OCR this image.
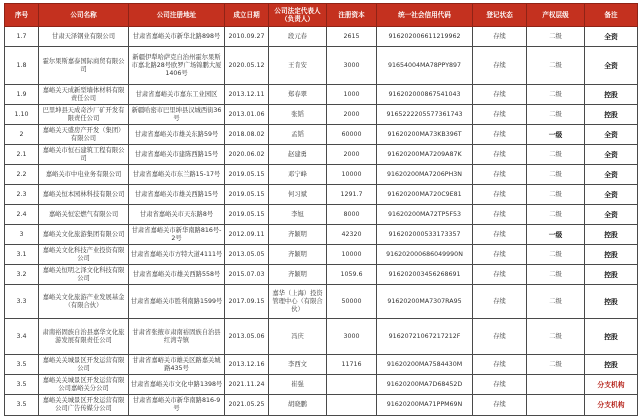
序号	公司名称	公司注册地址	成立日期	公司法定代表人（负责人）	注册资本	统一社会信用代码	登记状态	产权层级	备注
1.7	甘肃天泽钢业有限公司	甘肃省嘉峪关市新华北路898号	2010.09.27	段元春	2615	916202006611219962	存续	二级	全资
1.8	霍尔果斯嘉泰国际商贸有限公司	新疆伊犁哈萨克自治州霍尔果斯市嘉北路28号欧罗广场锦鹏大厦1406号	2020.05.12	王肯安	3000	91654004MA78PPY897	存续	二级	全资
1.9	嘉峪关天成新型墙体材料有限责任公司	甘肃省嘉峪关市嘉东工业园区	2013.12.11	郑春翠	1000	916202000867541043	存续	二级	控股
1.10	巴里坤县天成奇沙厂矿开发有限责任公司	新疆哈密市巴里坤县汉城西街36号	2013.01.06	张韬	2000	9165222205577361743	存续	二级	控股
2	嘉峪关天盛房产开发（集团）有限公司	甘肃省嘉峪关市雄关东路59号	2018.08.02	孟韬	60000	91620200MA73KB396T	存续	一级	全资
2.1	嘉峪关市恒石建筑工程有限公司	甘肃省嘉峪关市建陈西路15号	2020.06.02	赵建勇	2000	91620200MA7209A87K	存续	二级	全资
2.2	嘉峪关市中电业务有限公司	甘肃省嘉峪关市东兰路15-17号	2019.05.15	邓宁峰	10000	91620200MA7206PH3N	存续	二级	全资
2.3	嘉峪关恒本园林科技有限公司	甘肃省嘉峪关市雄关西路15号	2019.05.15	何习斌	1291.7	91620200MA720C9E81	存续	二级	全资
2.4	嘉峪关恒宏燃气有限公司	甘肃省嘉峪关市天东路8号	2019.05.15	李旭	8000	91620200MA72TP5F53	存续	二级	全资
3	嘉峪关文化旅游集团有限公司	甘肃省嘉峪关市新华南路816号-2号	2012.09.11	齐颖明	42320	916202000533173357	存续	一级	控股
3.1	嘉峪关文化科技产业投资有限公司	甘肃省嘉峪关市方特大道4111号	2013.05.05	齐颖明	10000	916202000686049990N	存续	二级	控股
3.2	嘉峪关恒明之泽文化科技有限公司	甘肃省嘉峪关市雄关西路558号	2015.07.03	齐颖明	1059.6	916202003456268691	存续	二级	控股
3.3	嘉峪关文化旅游产业发展基金（有限合伙）	甘肃省嘉峪关市胜利南路1599号	2017.09.15	嘉华（上海）投资管理中心（有限合伙）	50000	91620200MA7307RA95	存续	二级	控股
3.4	肃南裕固族自治县嘉华文化旅游发展有限责任公司	甘肃省张掖市肃南裕固族自治县红湾寺镇	2013.05.06	冯庆	3000	91620721067217212F	存续	二级	控股
3.5	嘉峪关关城景区开发运营有限公司	甘肃省嘉峪关市雄关区路嘉关城路435号	2013.12.16	李西文	11716	91620200MA7584430M	存续	二级	控股
3.5	嘉峪关关城景区开发运营有限公司嘉峪关分公司	甘肃省嘉峪关市文化中路1398号	2021.11.24	崔强		91620200MA7D68452D	存续		分支机构
3.5	嘉峪关关城景区开发运营有限公司广告传媒分公司	甘肃省嘉峪关市新华南路816-9号	2021.05.25	胡晓鹏		91620200MA71PPM69N	存续		分支机构
